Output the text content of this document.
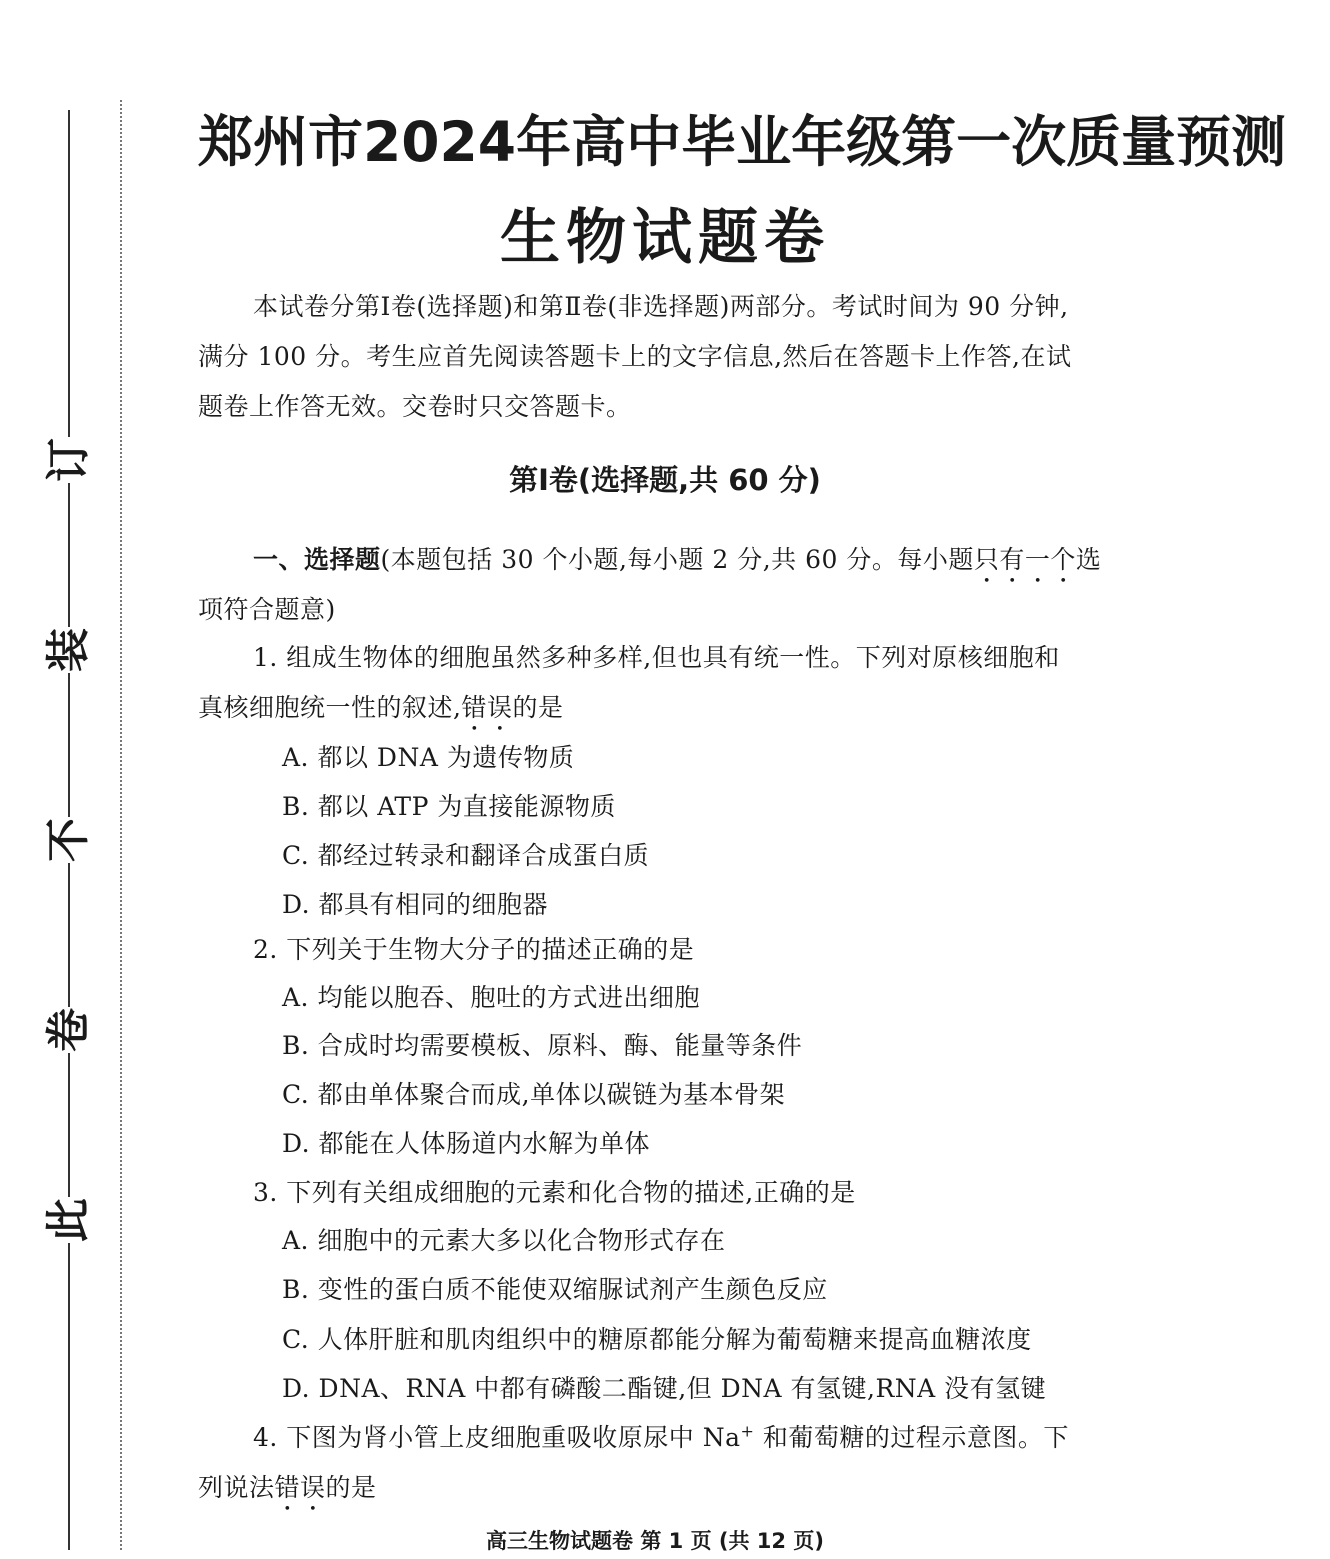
订
装
不
卷
此
郑州市2024年高中毕业年级第一次质量预测
生物试题卷
本试卷分第Ⅰ卷(选择题)和第Ⅱ卷(非选择题)两部分。考试时间为 90 分钟,
满分 100 分。考生应首先阅读答题卡上的文字信息,然后在答题卡上作答,在试
题卷上作答无效。交卷时只交答题卡。
第Ⅰ卷(选择题,共 60 分)
一、选择题(本题包括 30 个小题,每小题 2 分,共 60 分。每小题只有一个选
项符合题意)
1. 组成生物体的细胞虽然多种多样,但也具有统一性。下列对原核细胞和
真核细胞统一性的叙述,错误的是
A. 都以 DNA 为遗传物质
B. 都以 ATP 为直接能源物质
C. 都经过转录和翻译合成蛋白质
D. 都具有相同的细胞器
2. 下列关于生物大分子的描述正确的是
A. 均能以胞吞、胞吐的方式进出细胞
B. 合成时均需要模板、原料、酶、能量等条件
C. 都由单体聚合而成,单体以碳链为基本骨架
D. 都能在人体肠道内水解为单体
3. 下列有关组成细胞的元素和化合物的描述,正确的是
A. 细胞中的元素大多以化合物形式存在
B. 变性的蛋白质不能使双缩脲试剂产生颜色反应
C. 人体肝脏和肌肉组织中的糖原都能分解为葡萄糖来提高血糖浓度
D. DNA、RNA 中都有磷酸二酯键,但 DNA 有氢键,RNA 没有氢键
4. 下图为肾小管上皮细胞重吸收原尿中 Na+ 和葡萄糖的过程示意图。下
列说法错误的是
高三生物试题卷 第 1 页 (共 12 页)
